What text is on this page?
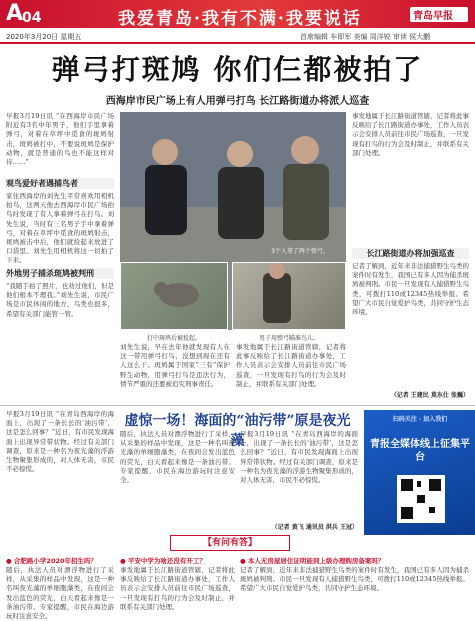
A
04	我爱青岛·我有不满·我要说话	青岛早报
2020年3月20日 星期五	首席编辑 车即军 美编 周洋锐 审读 侯大鹏
弹弓打斑鸠 你们仨都被拍了
西海岸市民广场上有人用弹弓打鸟 长江路街道办将派人巡查
早报3月19日讯 “在西海岸市民广场附近有3名中年男子，他们手里拿着弹弓，对着在草坪中觅食的斑鸠射击，斑鸠被打中，不要说斑鸠是保护动物，就是普通的鸟也不能这样对待……”
观鸟爱好者遇捕鸟者
家住西海岸的刘先生平常喜欢用相机拍鸟，这两天他去西海岸市民广场拍鸟时发现了有人拿着弹弓在打鸟。刘先生说，当时有三名男子手中拿着弹弓，对着在草坪中觅食的斑鸠射击，斑鸠被击中后，他们就捡起来放进了口袋里。刘先生用相机将这一切拍了下来。
外地男子捕杀斑鸠被判刑
“我随手拍了照片，也劝过他们，但是他们根本不理我。”刘先生说，市民广场是市民休闲的地方，鸟类也很多，希望有关部门能管一管。
3个人拿了两个弹弓。
打中斑鸠后被捡起。	男子用弹弓瞄准鸟儿。
刘先生说，早在去年他就发现有人在这一带用弹弓打鸟，没想到现在还有人这么干。斑鸠属于国家“三有”保护野生动物，用弹弓打鸟是违法行为，情节严重的还要被追究刑事责任。
事发地属于长江路街道管辖，记者将此事反映给了长江路街道办事处，工作人员表示会安排人员前往市民广场巡查，一旦发现有打鸟的行为会及时制止，并联系有关部门处理。
事发地属于长江路街道管辖，记者将此事反映给了长江路街道办事处，工作人员表示会安排人员前往市民广场巡查，一旦发现有打鸟的行为会及时制止，并联系有关部门处理。
长江路街道办将加强巡查
记者了解到，近年来非法捕猎野生鸟类的案件时有发生，我国已有多人因为捕杀斑鸠被判刑。市民一旦发现有人捕猎野生鸟类，可拨打110或12345热线举报。希望广大市民自觉爱护鸟类，共同守护生态环境。
（记者 王建民 莫东仕 张巍）
早报3月19日讯 “在青岛西海岸的海面上，出现了一条长长的‘油污带’，这是怎么回事？”近日，有市民发现海面上出现异常带状物。经过有关部门调查，原来是一种名为夜光藻的浮游生物聚集形成的，对人体无害，市民不必惊慌。
虚惊一场！海面的“油污带”原是夜光藻
随后，执法人员对漂浮物进行了采样，从采集的样品中发现，这是一种名叫夜光藻的单细胞藻类，在夜间会发出蓝色的荧光，白天看起来像是一条油污带。专家提醒，市民在海边游玩时注意安全。
早报3月19日讯 “在青岛西海岸的海面上，出现了一条长长的‘油污带’，这是怎么回事？”近日，有市民发现海面上出现异常带状物。经过有关部门调查，原来是一种名为夜光藻的浮游生物聚集形成的，对人体无害，市民不必惊慌。
（记者 黄飞 通讯员 洪兵 王冠）
扫码关注 · 加入我们
青报全媒体线上征集平台
【有问有答】
● 合肥路小学2020年招生吗？
随后，执法人员对漂浮物进行了采样，从采集的样品中发现，这是一种名叫夜光藻的单细胞藻类，在夜间会发出蓝色的荧光，白天看起来像是一条油污带。专家提醒，市民在海边游玩时注意安全。
● 平安中学为啥还没有开工？
事发地属于长江路街道管辖，记者将此事反映给了长江路街道办事处，工作人员表示会安排人员前往市民广场巡查，一旦发现有打鸟的行为会及时制止，并联系有关部门处理。
● 本人无房屋居住证明能到上级办理购房备案吗？
记者了解到，近年来非法捕猎野生鸟类的案件时有发生，我国已有多人因为捕杀斑鸠被判刑。市民一旦发现有人捕猎野生鸟类，可拨打110或12345热线举报。希望广大市民自觉爱护鸟类，共同守护生态环境。
